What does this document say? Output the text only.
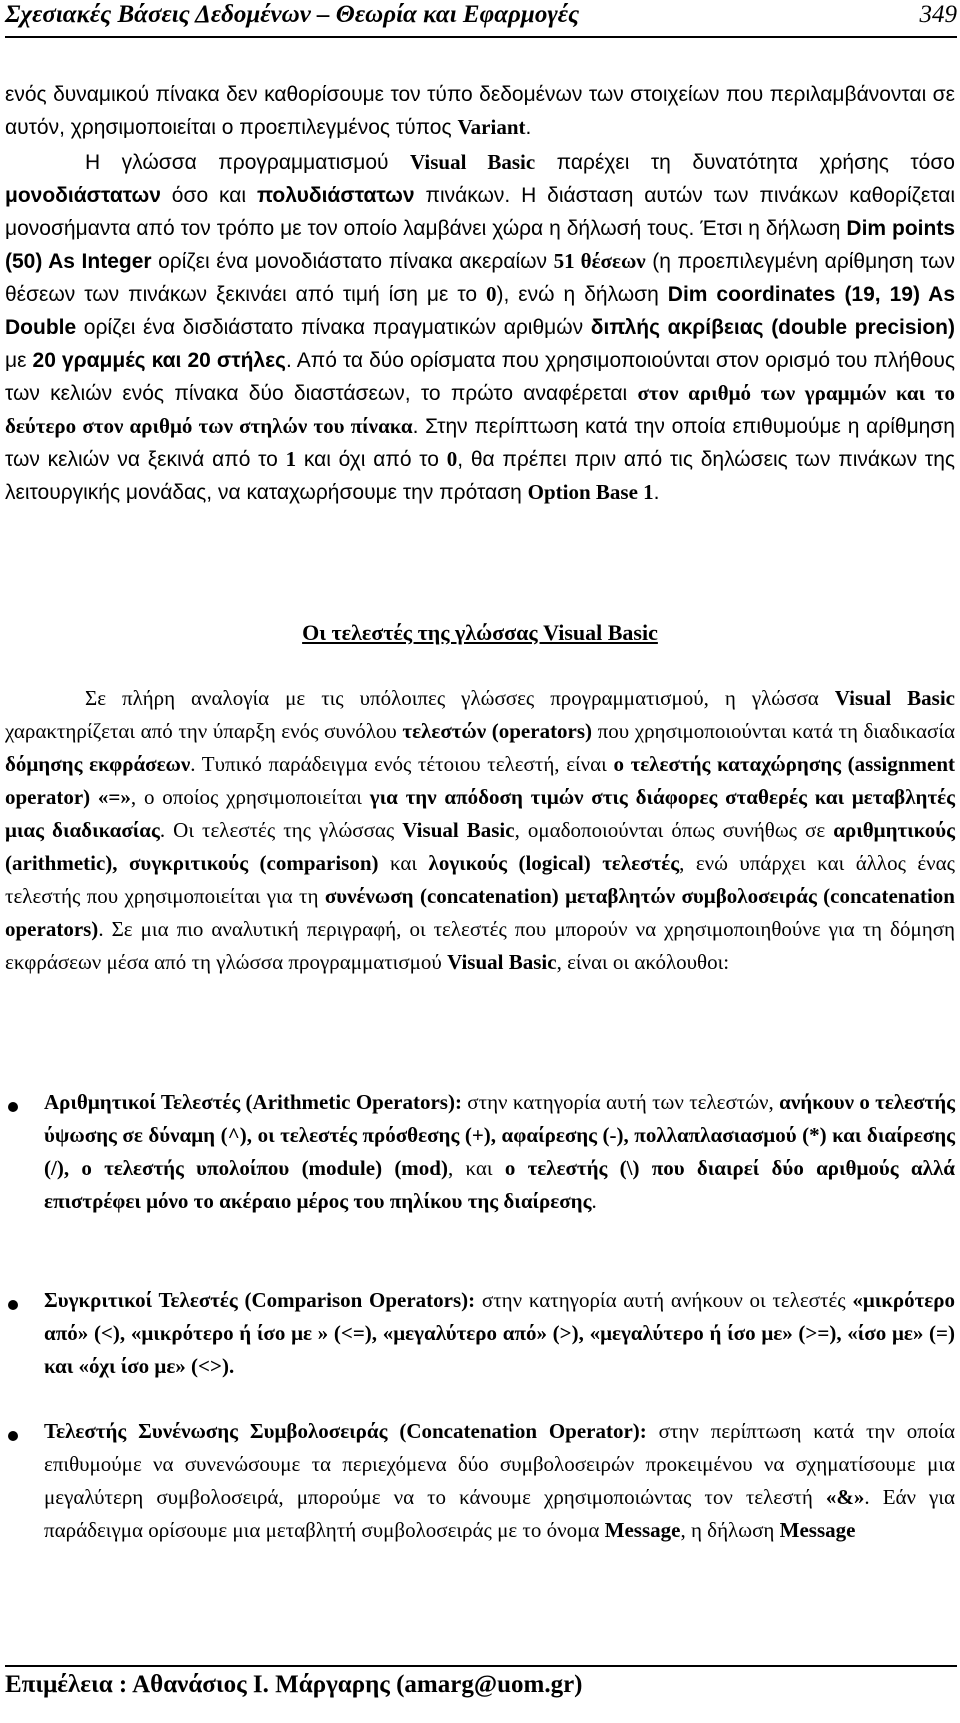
Σχεσιακές Βάσεις Δεδομένων – Θεωρία και Εφαρμογές	349
ενός δυναμικού πίνακα δεν καθορίσουμε τον τύπο δεδομένων των στοιχείων που περιλαμβάνονται σε αυτόν, χρησιμοποιείται ο προεπιλεγμένος τύπος Variant.
Η γλώσσα προγραμματισμού Visual Basic παρέχει τη δυνατότητα χρήσης τόσο μονοδιάστατων όσο και πολυδιάστατων πινάκων. Η διάσταση αυτών των πινάκων καθορίζεται μονοσήμαντα από τον τρόπο με τον οποίο λαμβάνει χώρα η δήλωσή τους. Έτσι η δήλωση Dim points (50) As Integer ορίζει ένα μονοδιάστατο πίνακα ακεραίων 51 θέσεων (η προεπιλεγμένη αρίθμηση των θέσεων των πινάκων ξεκινάει από τιμή ίση με το 0), ενώ η δήλωση Dim coordinates (19, 19) As Double ορίζει ένα δισδιάστατο πίνακα πραγματικών αριθμών διπλής ακρίβειας (double precision) με 20 γραμμές και 20 στήλες. Από τα δύο ορίσματα που χρησιμοποιούνται στον ορισμό του πλήθους των κελιών ενός πίνακα δύο διαστάσεων, το πρώτο αναφέρεται στον αριθμό των γραμμών και το δεύτερο στον αριθμό των στηλών του πίνακα. Στην περίπτωση κατά την οποία επιθυμούμε η αρίθμηση των κελιών να ξεκινά από το 1 και όχι από το 0, θα πρέπει πριν από τις δηλώσεις των πινάκων της λειτουργικής μονάδας, να καταχωρήσουμε την πρόταση Option Base 1.
Οι τελεστές της γλώσσας Visual Basic
Σε πλήρη αναλογία με τις υπόλοιπες γλώσσες προγραμματισμού, η γλώσσα Visual Basic χαρακτηρίζεται από την ύπαρξη ενός συνόλου τελεστών (operators) που χρησιμοποιούνται κατά τη διαδικασία δόμησης εκφράσεων. Τυπικό παράδειγμα ενός τέτοιου τελεστή, είναι ο τελεστής καταχώρησης (assignment operator) «=», ο οποίος χρησιμοποιείται για την απόδοση τιμών στις διάφορες σταθερές και μεταβλητές μιας διαδικασίας. Οι τελεστές της γλώσσας Visual Basic, ομαδοποιούνται όπως συνήθως σε αριθμητικούς (arithmetic), συγκριτικούς (comparison) και λογικούς (logical) τελεστές, ενώ υπάρχει και άλλος ένας τελεστής που χρησιμοποιείται για τη συνένωση (concatenation) μεταβλητών συμβολοσειράς (concatenation operators). Σε μια πιο αναλυτική περιγραφή, οι τελεστές που μπορούν να χρησιμοποιηθούνε για τη δόμηση εκφράσεων μέσα από τη γλώσσα προγραμματισμού Visual Basic, είναι οι ακόλουθοι:
Αριθμητικοί Τελεστές (Arithmetic Operators): στην κατηγορία αυτή των τελεστών, ανήκουν ο τελεστής ύψωσης σε δύναμη (^), οι τελεστές πρόσθεσης (+), αφαίρεσης (-), πολλαπλασιασμού (*) και διαίρεσης (/), ο τελεστής υπολοίπου (module) (mod), και ο τελεστής (\) που διαιρεί δύο αριθμούς αλλά επιστρέφει μόνο το ακέραιο μέρος του πηλίκου της διαίρεσης.
Συγκριτικοί Τελεστές (Comparison Operators): στην κατηγορία αυτή ανήκουν οι τελεστές «μικρότερο από» (<), «μικρότερο ή ίσο με » (<=), «μεγαλύτερο από» (>), «μεγαλύτερο ή ίσο με» (>=), «ίσο με» (=) και «όχι ίσο με» (<>).
Τελεστής Συνένωσης Συμβολοσειράς (Concatenation Operator): στην περίπτωση κατά την οποία επιθυμούμε να συνενώσουμε τα περιεχόμενα δύο συμβολοσειρών προκειμένου να σχηματίσουμε μια μεγαλύτερη συμβολοσειρά, μπορούμε να το κάνουμε χρησιμοποιώντας τον τελεστή «&». Εάν για παράδειγμα ορίσουμε μια μεταβλητή συμβολοσειράς με το όνομα Message, η δήλωση Message
Επιμέλεια : Αθανάσιος Ι. Μάργαρης (amarg@uom.gr)
